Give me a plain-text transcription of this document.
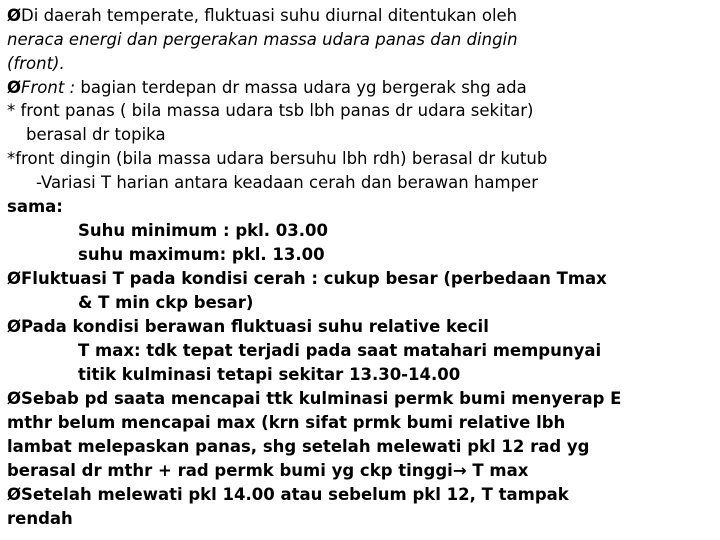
ØDi daerah temperate, fluktuasi suhu diurnal ditentukan oleh
neraca energi dan pergerakan massa udara panas dan dingin
(front).
ØFront : bagian terdepan dr massa udara yg bergerak shg ada
* front panas ( bila massa udara tsb lbh panas dr udara sekitar)
berasal dr topika
*front dingin (bila massa udara bersuhu lbh rdh) berasal dr kutub
-Variasi T harian antara keadaan cerah dan berawan hamper
sama:
Suhu minimum : pkl. 03.00
suhu maximum: pkl. 13.00
ØFluktuasi T pada kondisi cerah : cukup besar (perbedaan Tmax
& T min ckp besar)
ØPada kondisi berawan fluktuasi suhu relative kecil
T max: tdk tepat terjadi pada saat matahari mempunyai
titik kulminasi tetapi sekitar 13.30-14.00
ØSebab pd saata mencapai ttk kulminasi permk bumi menyerap E
mthr belum mencapai max (krn sifat prmk bumi relative lbh
lambat melepaskan panas, shg setelah melewati pkl 12 rad yg
berasal dr mthr + rad permk bumi yg ckp tinggi→ T max
ØSetelah melewati pkl 14.00 atau sebelum pkl 12, T tampak
rendah
